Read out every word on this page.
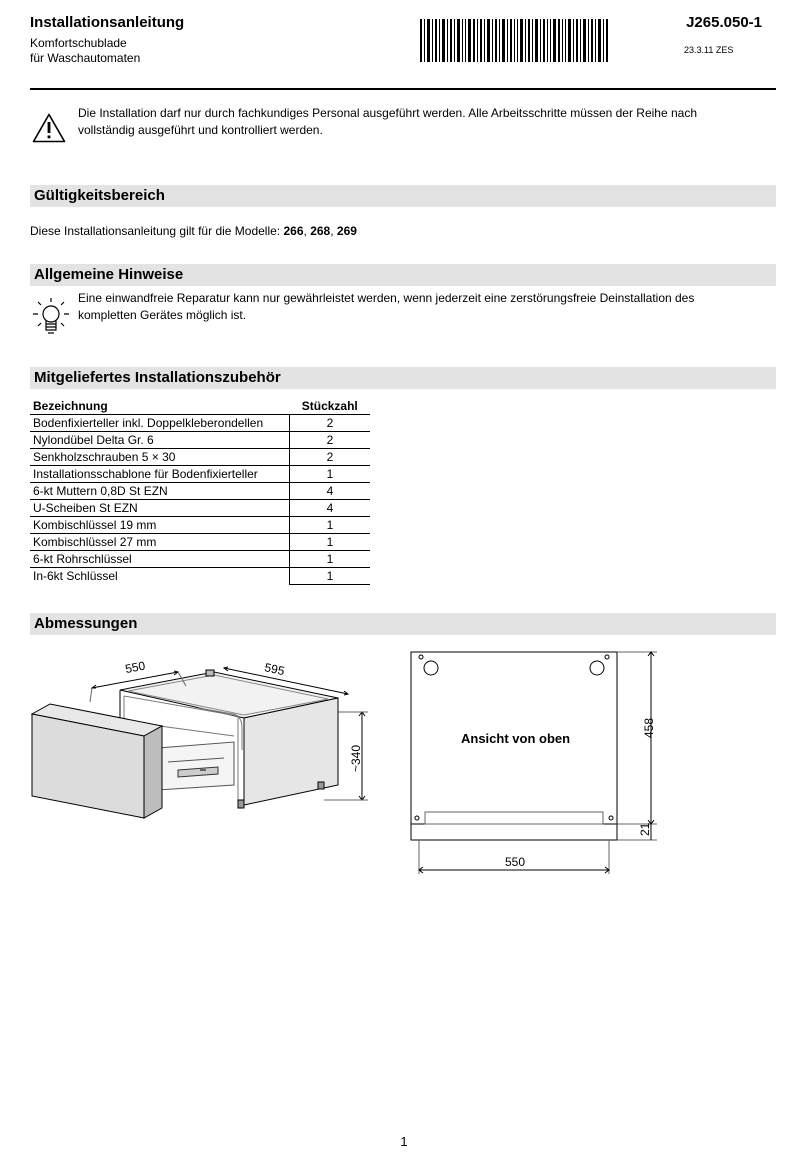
Installationsanleitung
Komfortschublade
für Waschautomaten
J265.050-1
23.3.11 ZES
Die Installation darf nur durch fachkundiges Personal ausgeführt werden. Alle Arbeitsschritte müssen der Reihe nach
vollständig ausgeführt und kontrolliert werden.
Gültigkeitsbereich
Diese Installationsanleitung gilt für die Modelle: 266, 268, 269
Allgemeine Hinweise
Eine einwandfreie Reparatur kann nur gewährleistet werden, wenn jederzeit eine zerstörungsfreie Deinstallation des
kompletten Gerätes möglich ist.
Mitgeliefertes Installationszubehör
Bezeichnung	Stückzahl
Bodenfixierteller inkl. Doppelkleberondellen	2
Nylondübel Delta Gr. 6	2
Senkholzschrauben 5 × 30	2
Installationsschablone für Bodenfixierteller	1
6-kt Muttern 0,8D St EZN	4
U-Scheiben St EZN	4
Kombischlüssel 19 mm	1
Kombischlüssel 27 mm	1
6-kt Rohrschlüssel	1
In-6kt Schlüssel	1
Abmessungen
550	595
~340
Ansicht von oben
458
21
550
1
